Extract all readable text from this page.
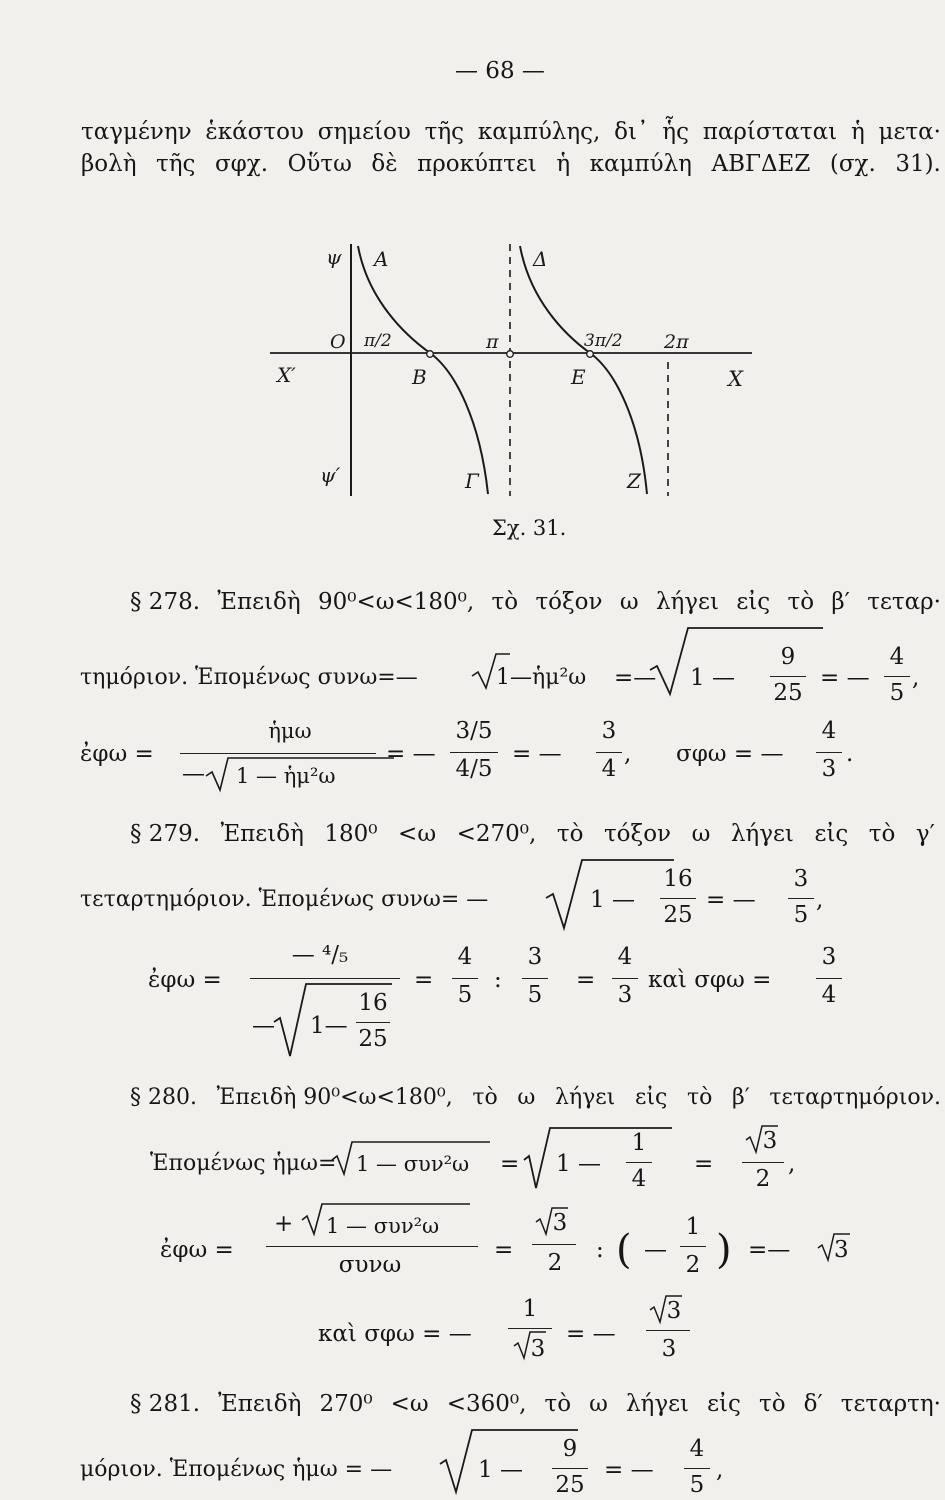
— 68 —
ταγμένην ἑκάστου σημείου τῆς καμπύλης, δι᾽ ἧς παρίσταται ἡ μετα·
βολὴ τῆς σφχ. Οὕτω δὲ προκύπτει ἡ καμπύλη ΑΒΓΔΕΖ (σχ. 31).
ψ A	Δ
O π/2	π	3π/2 2π
X′	B	E	X
ψ′	Γ	Z
Σχ. 31.
§ 278. Ἐπειδὴ 90⁰<ω<180⁰, τὸ τόξον ω λήγει εἰς τὸ β′ τεταρ·
τημόριον. Ἑπομένως συνω=—	1—ἡμ²ω =— 1 —
9
25
= —
4
5
,
ἐφω =
ἡμω
— 1 — ἡμ²ω
= —
3/5
4/5
= —
3
4
, σφω = —
4
3
.
§ 279. Ἐπειδὴ 180⁰ <ω <270⁰, τὸ τόξον ω λήγει εἰς τὸ γ′
τεταρτημόριον. Ἑπομένως συνω= —	1 —
16
25
= —
3
5
,
ἐφω =
— ⁴/₅
— 1—
16
25
=
4
5
:
3
5
=
4
3
καὶ σφω =
3
4
§ 280. Ἐπειδὴ 90⁰<ω<180⁰, τὸ ω λήγει εἰς τὸ β′ τεταρτημόριον.
Ἑπομένως ἡμω= 1 — συν²ω = 1 —
1
4
=
3
2
,
ἐφω =
+ 1 — συν²ω
συνω
=
3
2 : ( —
1
2 ) =— 3
καὶ σφω = —
1
3
= —
3
3
§ 281. Ἐπειδὴ 270⁰ <ω <360⁰, τὸ ω λήγει εἰς τὸ δ′ τεταρτη·
μόριον. Ἑπομένως ἡμω = —	1 —
9
25
= —
4
5
,
